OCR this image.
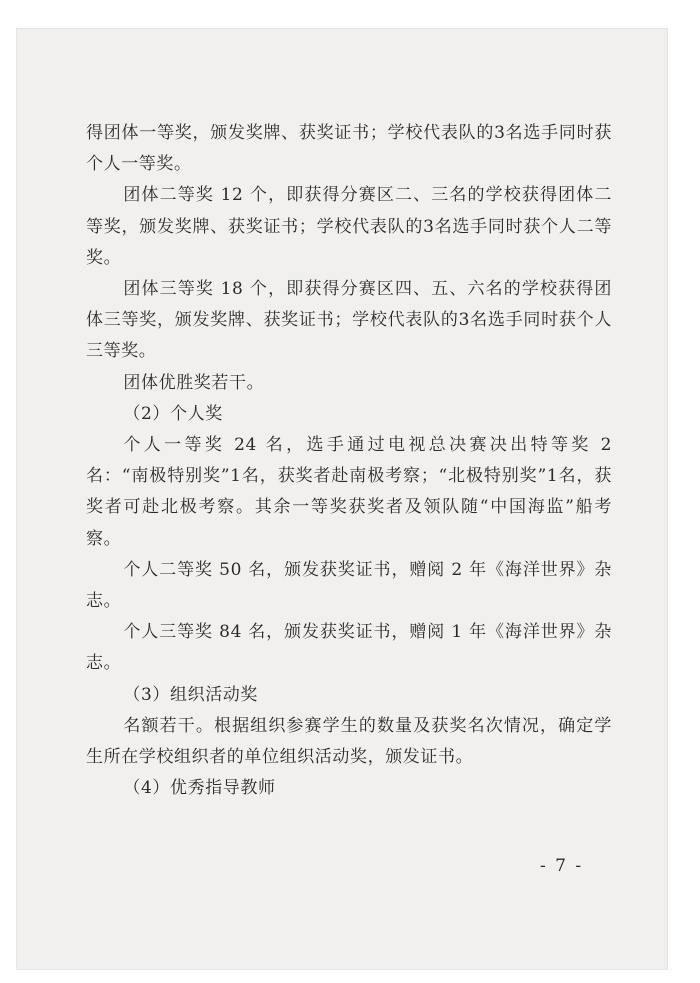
得团体一等奖，颁发奖牌、获奖证书；学校代表队的3名选手同时获个人一等奖。

团体二等奖 12 个，即获得分赛区二、三名的学校获得团体二等奖，颁发奖牌、获奖证书；学校代表队的3名选手同时获个人二等奖。

团体三等奖 18 个，即获得分赛区四、五、六名的学校获得团体三等奖，颁发奖牌、获奖证书；学校代表队的3名选手同时获个人三等奖。

团体优胜奖若干。

（2）个人奖

个人一等奖 24 名，选手通过电视总决赛决出特等奖 2 名：“南极特别奖”1名，获奖者赴南极考察；“北极特别奖”1名，获奖者可赴北极考察。其余一等奖获奖者及领队随“中国海监”船考察。

个人二等奖 50 名，颁发获奖证书，赠阅 2 年《海洋世界》杂志。

个人三等奖 84 名，颁发获奖证书，赠阅 1 年《海洋世界》杂志。

（3）组织活动奖

名额若干。根据组织参赛学生的数量及获奖名次情况，确定学生所在学校组织者的单位组织活动奖，颁发证书。

（4）优秀指导教师

- 7 -
